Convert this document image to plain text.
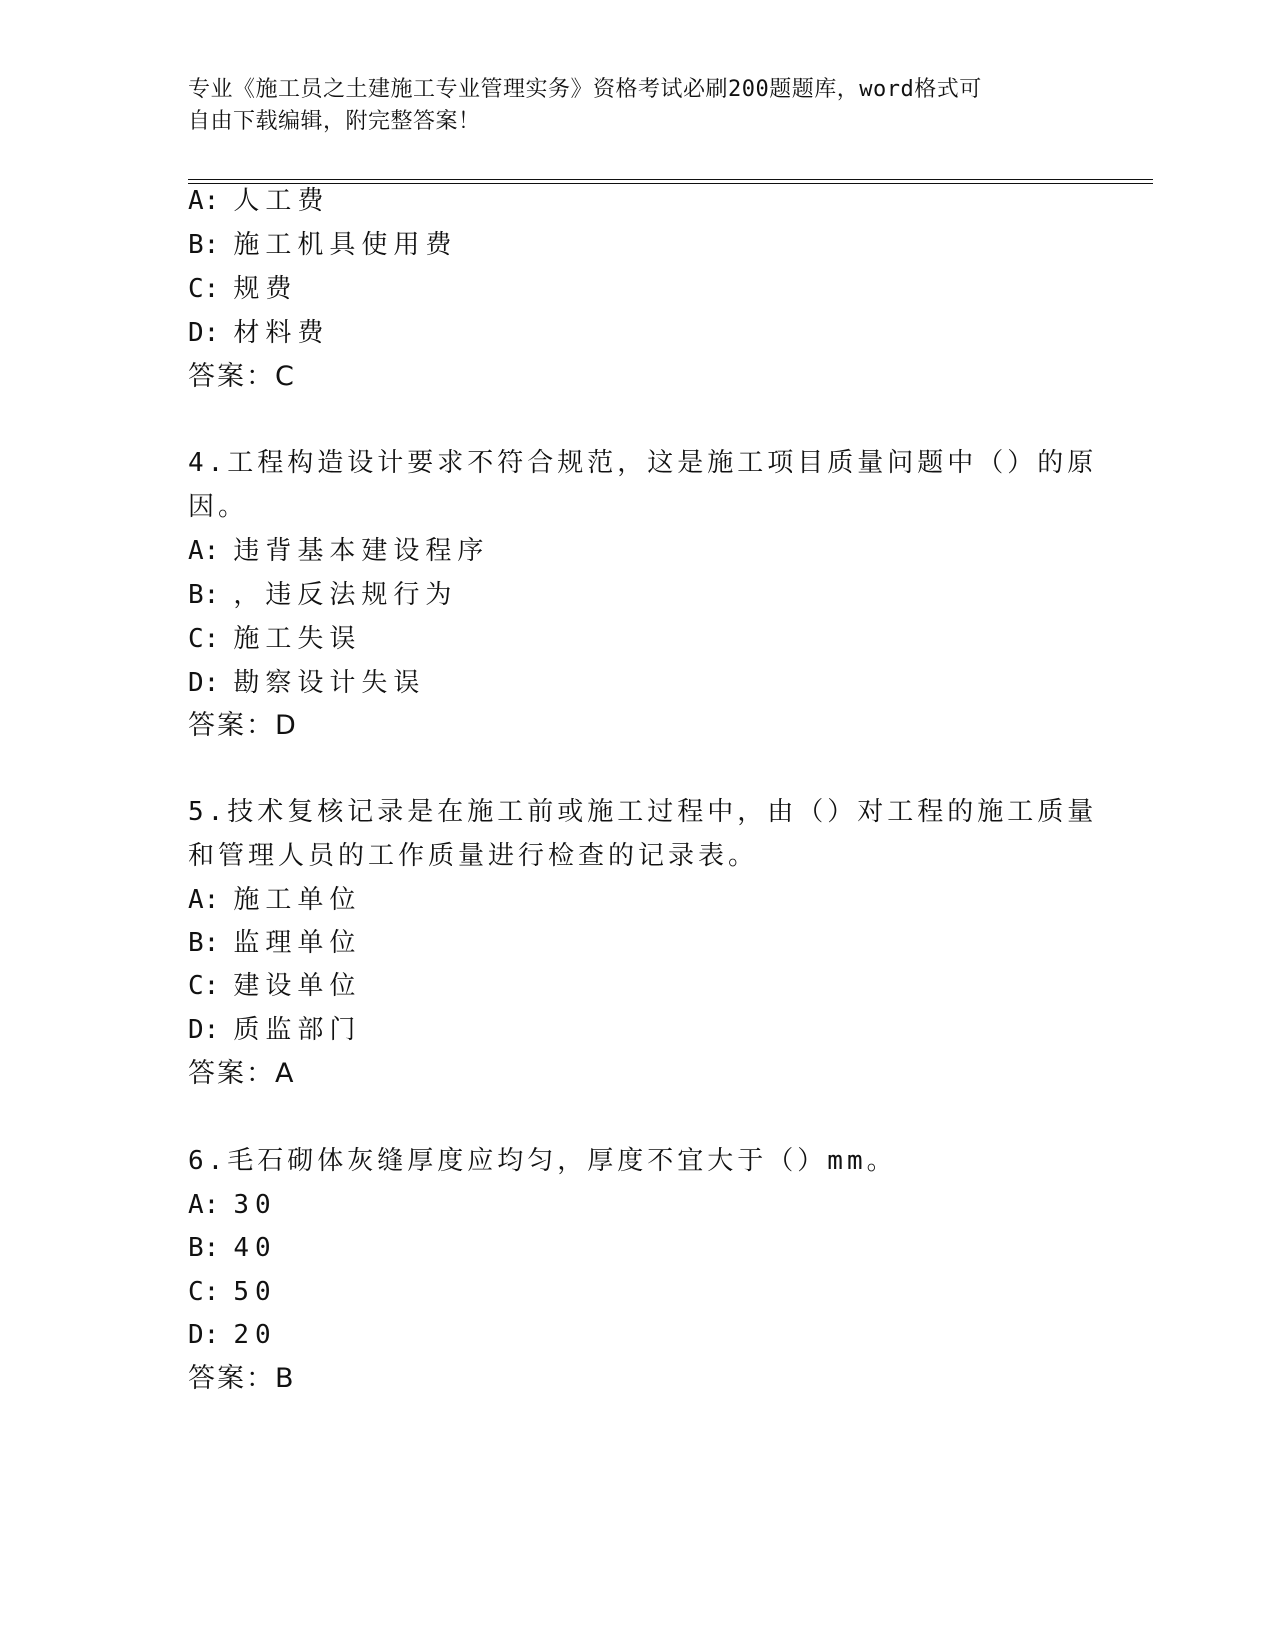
专业《施工员之土建施工专业管理实务》资格考试必刷200题题库，word格式可
自由下载编辑，附完整答案！
A: 人工费
B: 施工机具使用费
C: 规费
D: 材料费
答案：C
4.工程构造设计要求不符合规范，这是施工项目质量问题中（）的原
因。
A: 违背基本建设程序
B: ，违反法规行为
C: 施工失误
D: 勘察设计失误
答案：D
5.技术复核记录是在施工前或施工过程中，由（）对工程的施工质量
和管理人员的工作质量进行检查的记录表。
A: 施工单位
B: 监理单位
C: 建设单位
D: 质监部门
答案：A
6.毛石砌体灰缝厚度应均匀，厚度不宜大于（）mm。
A: 30
B: 40
C: 50
D: 20
答案：B
